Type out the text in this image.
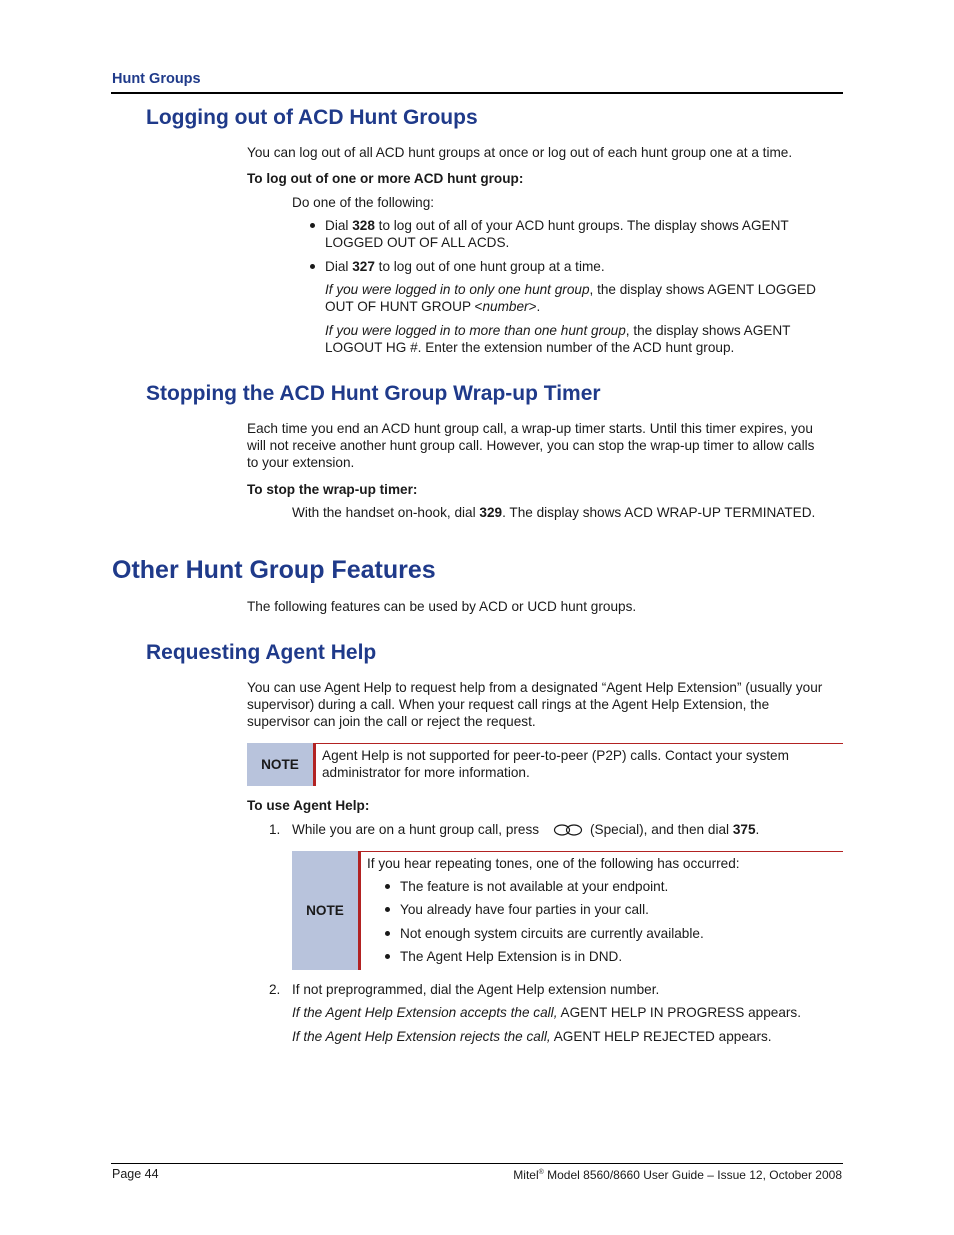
Hunt Groups
Logging out of ACD Hunt Groups

You can log out of all ACD hunt groups at once or log out of each hunt group one at a time.

To log out of one or more ACD hunt group:

Do one of the following:

Dial 328 to log out of all of your ACD hunt groups. The display shows AGENT

LOGGED OUT OF ALL ACDS.

Dial 327 to log out of one hunt group at a time.

If you were logged in to only one hunt group, the display shows AGENT LOGGED

OUT OF HUNT GROUP <number>.

If you were logged in to more than one hunt group, the display shows AGENT

LOGOUT HG #. Enter the extension number of the ACD hunt group.

Stopping the ACD Hunt Group Wrap-up Timer

Each time you end an ACD hunt group call, a wrap-up timer starts. Until this timer expires, you

will not receive another hunt group call. However, you can stop the wrap-up timer to allow calls

to your extension.

To stop the wrap-up timer:

With the handset on-hook, dial 329. The display shows ACD WRAP-UP TERMINATED.

Other Hunt Group Features

The following features can be used by ACD or UCD hunt groups.

Requesting Agent Help

You can use Agent Help to request help from a designated “Agent Help Extension” (usually your

supervisor) during a call. When your request call rings at the Agent Help Extension, the

supervisor can join the call or reject the request.

NOTE

Agent Help is not supported for peer-to-peer (P2P) calls. Contact your system

administrator for more information.

To use Agent Help:

1. While you are on a hunt group call, press	(Special), and then dial 375.

NOTE

If you hear repeating tones, one of the following has occurred:

The feature is not available at your endpoint.

You already have four parties in your call.

Not enough system circuits are currently available.

The Agent Help Extension is in DND.

2. If not preprogrammed, dial the Agent Help extension number.

If the Agent Help Extension accepts the call, AGENT HELP IN PROGRESS appears.

If the Agent Help Extension rejects the call, AGENT HELP REJECTED appears.

Page 44	Mitel® Model 8560/8660 User Guide – Issue 12, October 2008
